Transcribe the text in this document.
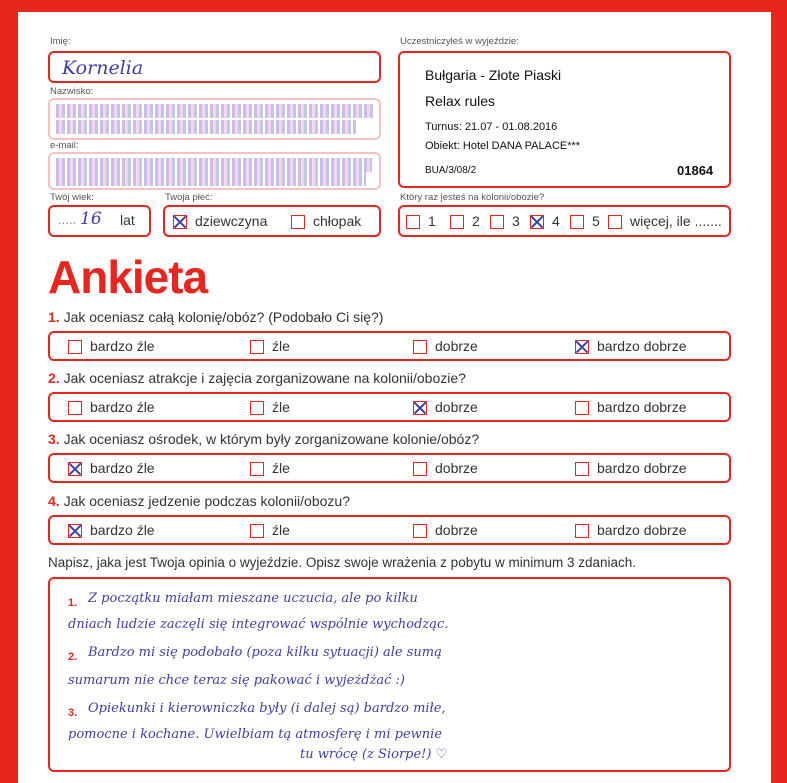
Imię:
Kornelia
Nazwisko:
e-mail:
Twój wiek:
..... 16 lat
Twoja płeć:
dziewczyna	chłopak
Uczestniczyłeś w wyjeździe:
Bułgaria - Złote Piaski
Relax rules
Turnus: 21.07 - 01.08.2016
Obiekt: Hotel DANA PALACE***
BUA/3/08/2	01864
Który raz jesteś na kolonii/obozie?
1	2	3	4	5	więcej, ile .......
Ankieta
1. Jak oceniasz całą kolonię/obóz? (Podobało Ci się?)
bardzo źle	źle	dobrze	bardzo dobrze
2. Jak oceniasz atrakcje i zajęcia zorganizowane na kolonii/obozie?
bardzo źle	źle	dobrze	bardzo dobrze
3. Jak oceniasz ośrodek, w którym były zorganizowane kolonie/obóz?
bardzo źle	źle	dobrze	bardzo dobrze
4. Jak oceniasz jedzenie podczas kolonii/obozu?
bardzo źle	źle	dobrze	bardzo dobrze
Napisz, jaka jest Twoja opinia o wyjeździe. Opisz swoje wrażenia z pobytu w minimum 3 zdaniach.
1. Z początku miałam mieszane uczucia, ale po kilku
dniach ludzie zaczęli się integrować wspólnie wychodząc.
2. Bardzo mi się podobało (poza kilku sytuacji) ale sumą
sumarum nie chce teraz się pakować i wyjeżdżać :)
3. Opiekunki i kierowniczka były (i dalej są) bardzo miłe,
pomocne i kochane. Uwielbiam tą atmosferę i mi pewnie
tu wrócę (z Siorpe!) ♡
